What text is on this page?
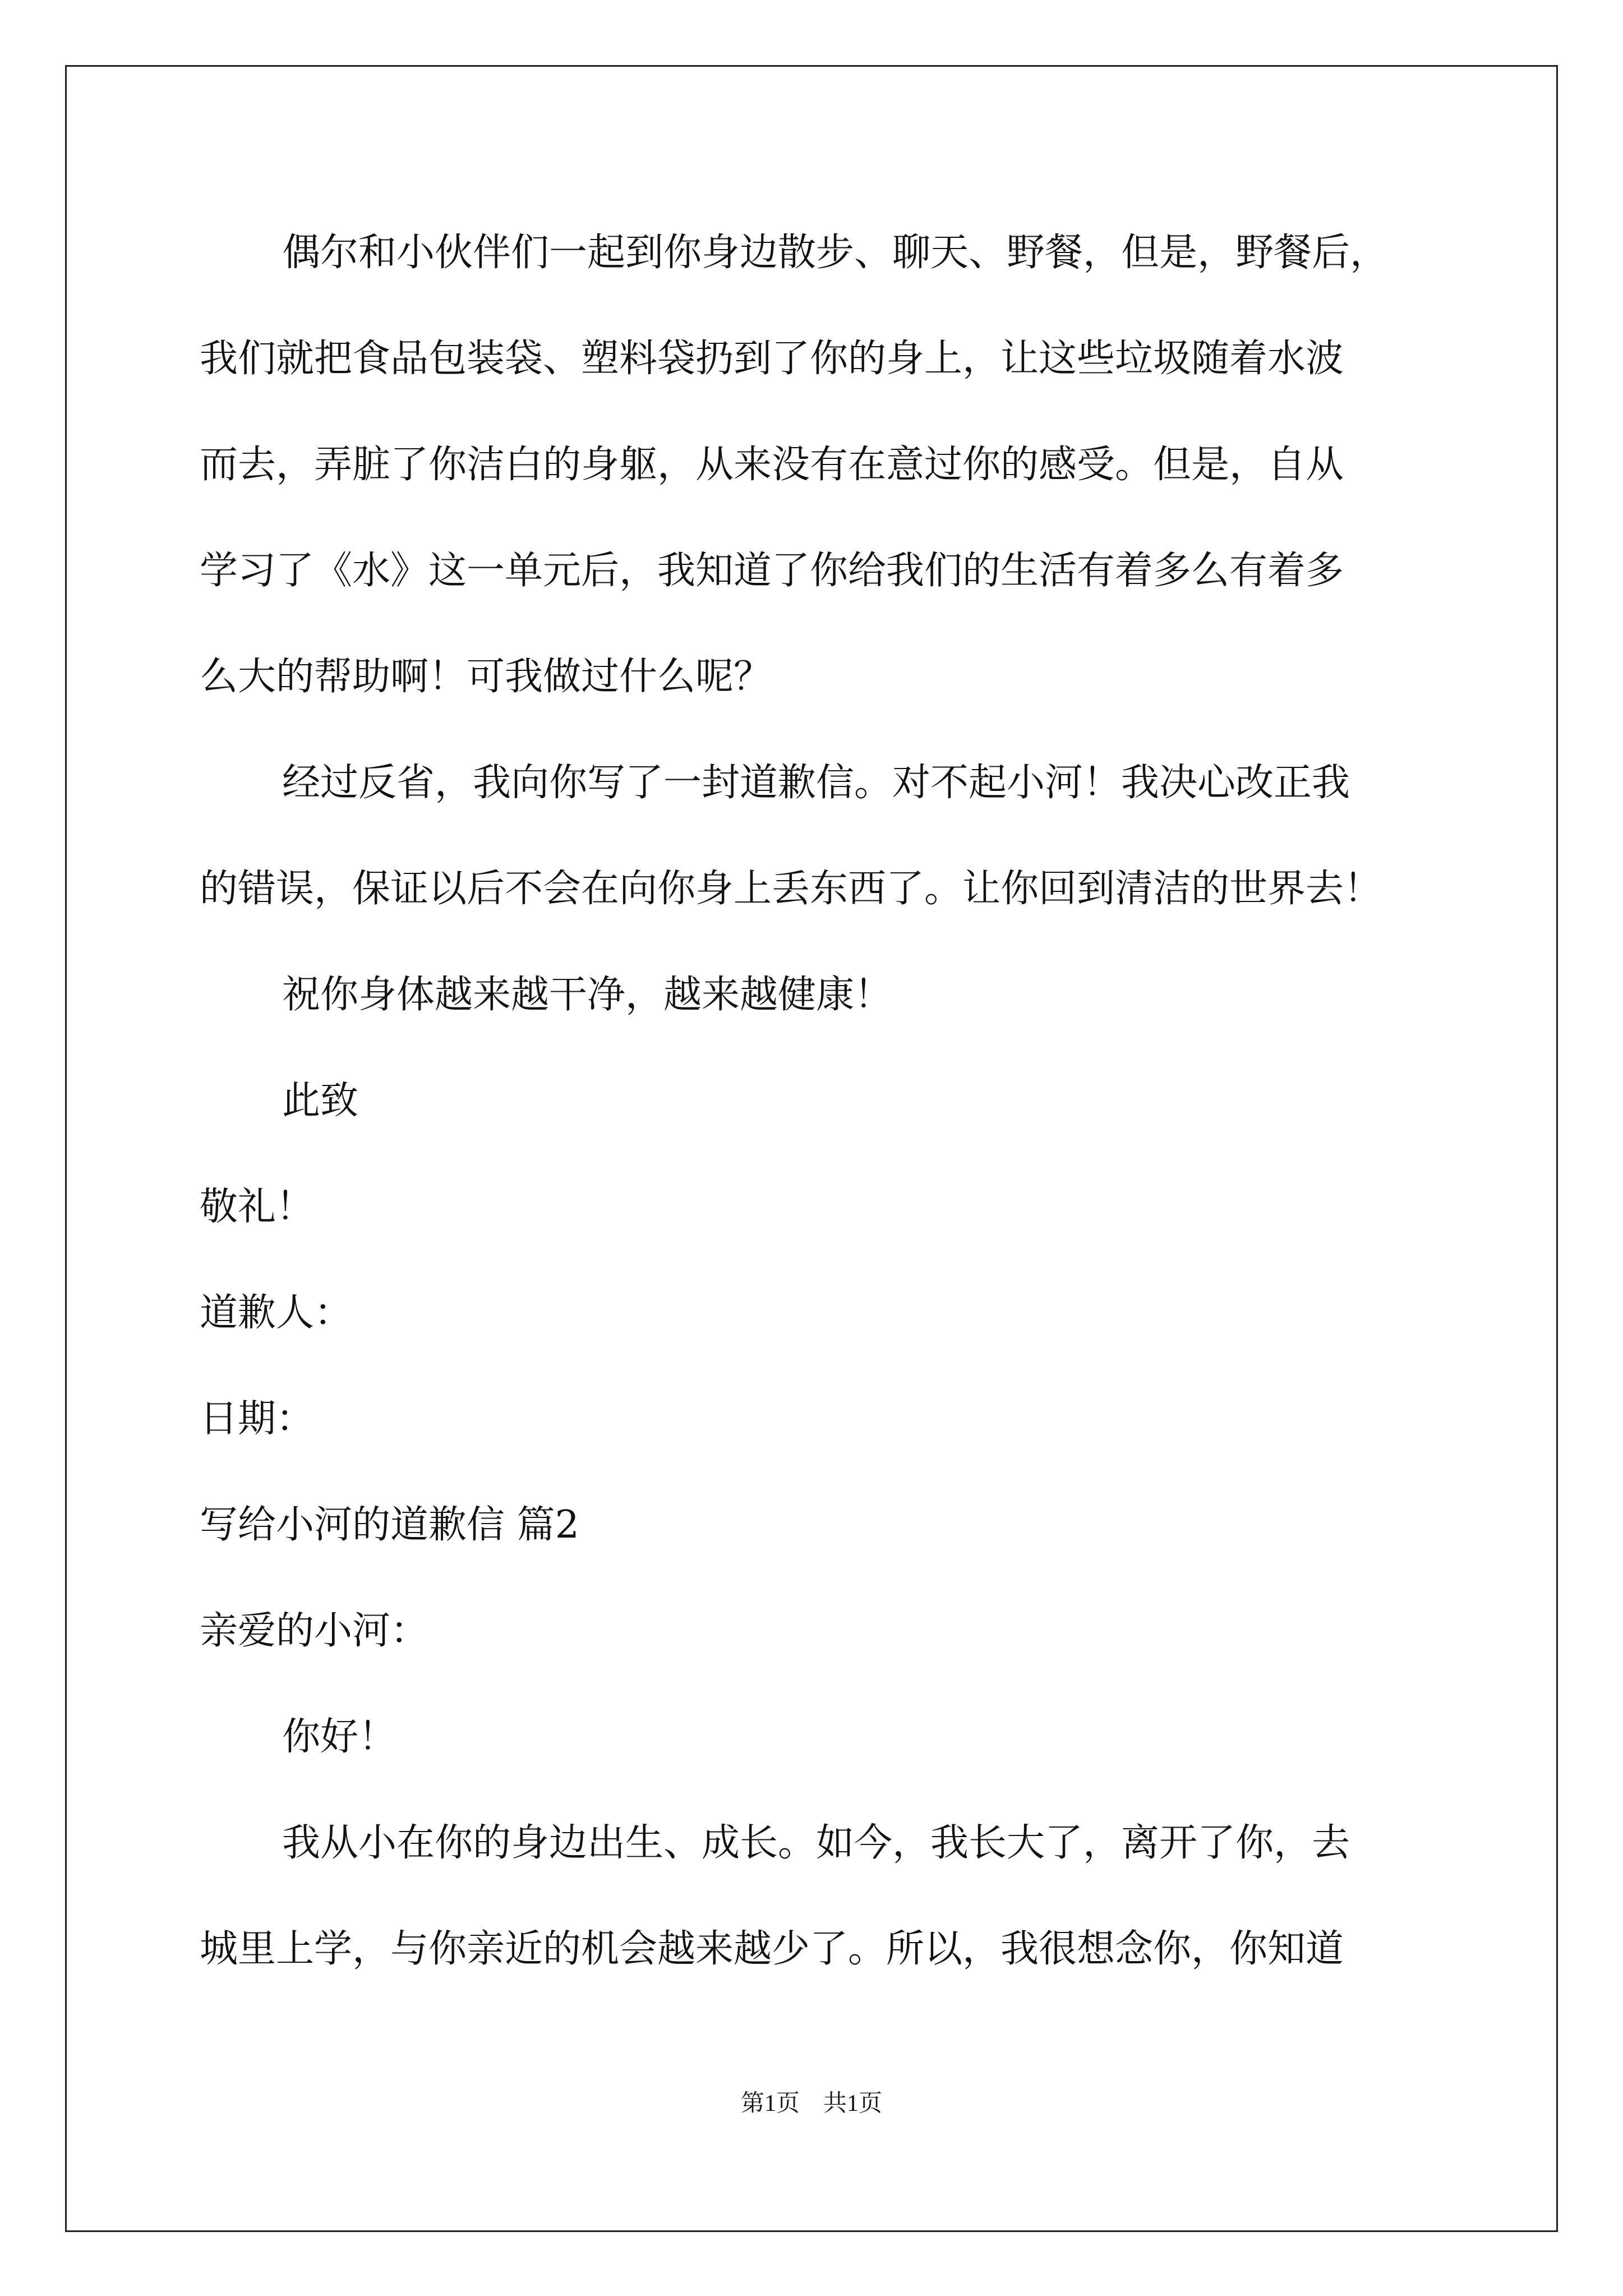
偶尔和小伙伴们一起到你身边散步、聊天、野餐，但是，野餐后，
我们就把食品包装袋、塑料袋扔到了你的身上，让这些垃圾随着水波
而去，弄脏了你洁白的身躯，从来没有在意过你的感受。但是，自从
学习了《水》这一单元后，我知道了你给我们的生活有着多么有着多
么大的帮助啊！可我做过什么呢？
经过反省，我向你写了一封道歉信。对不起小河！我决心改正我
的错误，保证以后不会在向你身上丢东西了。让你回到清洁的世界去！
祝你身体越来越干净，越来越健康！
此致
敬礼！
道歉人：
日期：
写给小河的道歉信 篇2
亲爱的小河：
你好！
我从小在你的身边出生、成长。如今，我长大了，离开了你，去
城里上学，与你亲近的机会越来越少了。所以，我很想念你，你知道
第1页　共1页
